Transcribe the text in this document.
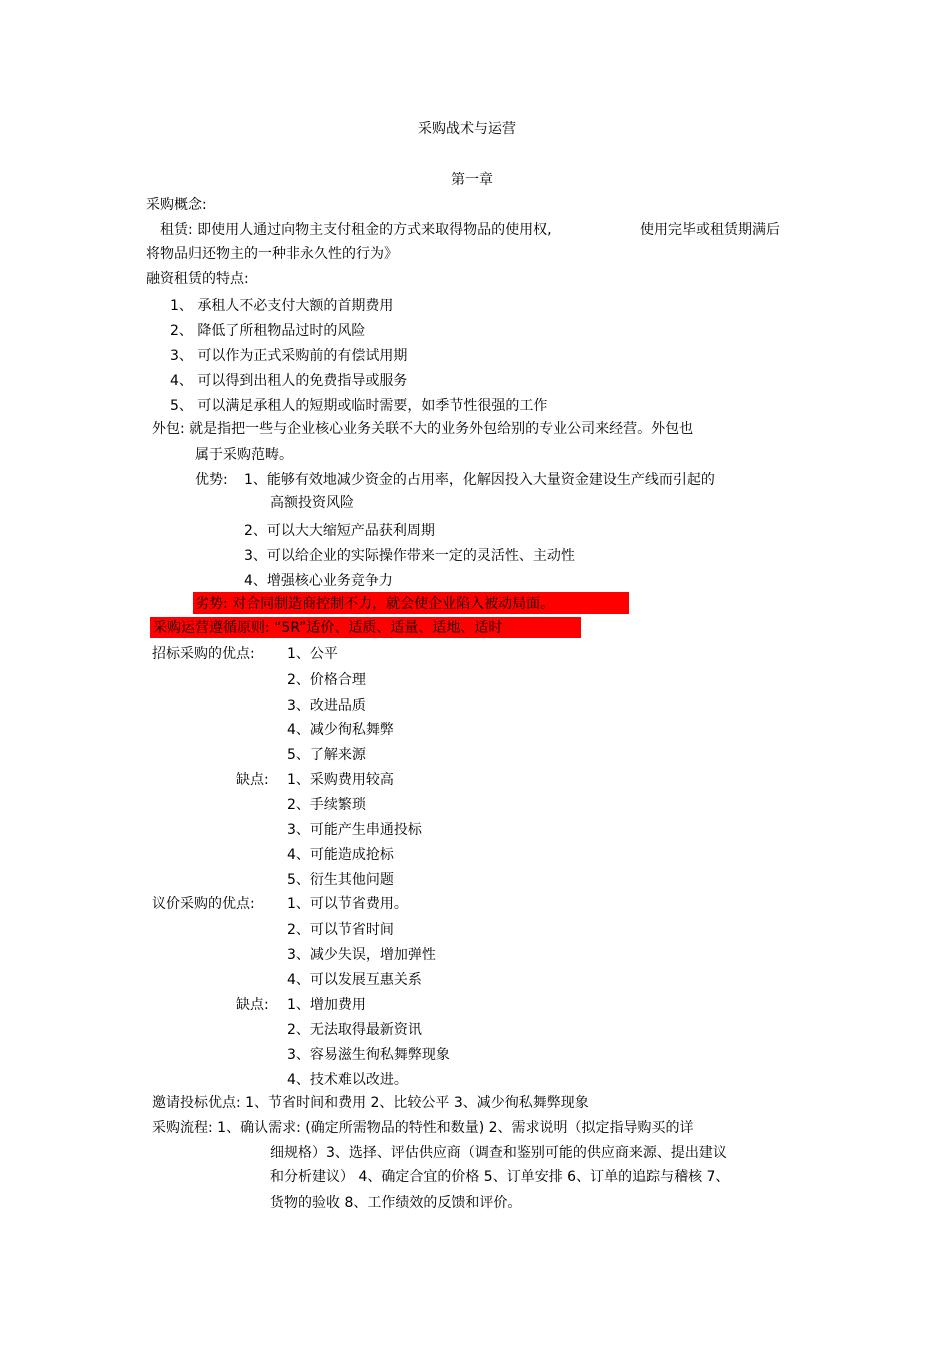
采购战术与运营
第一章
采购概念:
租赁: 即使用人通过向物主支付租金的方式来取得物品的使用权,	使用完毕或租赁期满后
将物品归还物主的一种非永久性的行为》
融资租赁的特点:
1、 承租人不必支付大额的首期费用
2、 降低了所租物品过时的风险
3、 可以作为正式采购前的有偿试用期
4、 可以得到出租人的免费指导或服务
5、 可以满足承租人的短期或临时需要，如季节性很强的工作
外包: 就是指把一些与企业核心业务关联不大的业务外包给别的专业公司来经营。外包也
属于采购范畴。
优势: 1、能够有效地减少资金的占用率，化解因投入大量资金建设生产线而引起的
高额投资风险
2、可以大大缩短产品获利周期
3、可以给企业的实际操作带来一定的灵活性、主动性
4、增强核心业务竞争力
劣势: 对合同制造商控制不力，就会使企业陷入被动局面。
采购运营遵循原则: “5R”适价、适质、适量、适地、适时
招标采购的优点: 1、公平
2、价格合理
3、改进品质
4、减少徇私舞弊
5、了解来源
缺点: 1、采购费用较高
2、手续繁琐
3、可能产生串通投标
4、可能造成抢标
5、衍生其他问题
议价采购的优点: 1、可以节省费用。
2、可以节省时间
3、减少失误，增加弹性
4、可以发展互惠关系
缺点: 1、增加费用
2、无法取得最新资讯
3、容易滋生徇私舞弊现象
4、技术难以改进。
邀请投标优点: 1、节省时间和费用 2、比较公平 3、减少徇私舞弊现象
采购流程: 1、确认需求: (确定所需物品的特性和数量) 2、需求说明（拟定指导购买的详
细规格）3、选择、评估供应商（调查和鉴别可能的供应商来源、提出建议
和分析建议） 4、确定合宜的价格 5、订单安排 6、订单的追踪与稽核 7、
货物的验收 8、工作绩效的反馈和评价。
